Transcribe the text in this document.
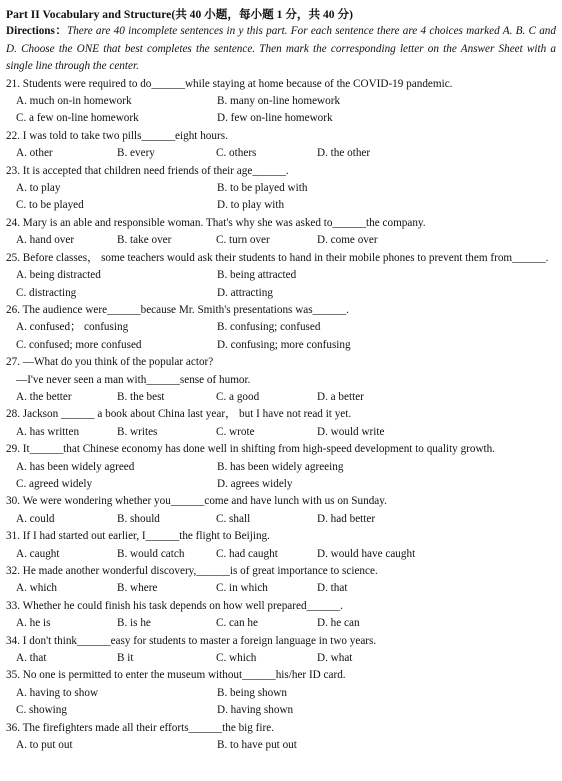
Part II Vocabulary and Structure(共 40 小题，每小题 1 分，共 40 分)
Directions：There are 40 incomplete sentences in y this part. For each sentence there are 4 choices marked A. B. C and D. Choose the ONE that best completes the sentence. Then mark the corresponding letter on the Answer Sheet with a single line through the center.
21. Students were required to do______while staying at home because of the COVID-19 pandemic.
A. much on-in homework	B. many on-line homework
C. a few on-line homework	D. few on-line homework
22. I was told to take two pills______eight hours.
A. other	B. every	C. others	D. the other
23. It is accepted that children need friends of their age______.
A. to play	B. to be played with
C. to be played	D. to play with
24. Mary is an able and responsible woman. That's why she was asked to______the company.
A. hand over	B. take over	C. turn over	D. come over
25. Before classes， some teachers would ask their students to hand in their mobile phones to prevent them from______.
A. being distracted	B. being attracted
C. distracting	D. attracting
26. The audience were______because Mr. Smith's presentations was______.
A. confused； confusing	B. confusing; confused
C. confused; more confused	D. confusing; more confusing
27. —What do you think of the popular actor?
—I've never seen a man with______sense of humor.
A. the better	B. the best	C. a good	D. a better
28. Jackson ______ a book about China last year， but I have not read it yet.
A. has written	B. writes	C. wrote	D. would write
29. It______that Chinese economy has done well in shifting from high-speed development to quality growth.
A. has been widely agreed	B. has been widely agreeing
C. agreed widely	D. agrees widely
30. We were wondering whether you______come and have lunch with us on Sunday.
A. could	B. should	C. shall	D. had better
31. If I had started out earlier, I______the flight to Beijing.
A. caught	B. would catch	C. had caught	D. would have caught
32. He made another wonderful discovery,______is of great importance to science.
A. which	B. where	C. in which	D. that
33. Whether he could finish his task depends on how well prepared______.
A. he is	B. is he	C. can he	D. he can
34. I don't think______easy for students to master a foreign language in two years.
A. that	B it	C. which	D. what
35. No one is permitted to enter the museum without______his/her ID card.
A. having to show	B. being shown
C. showing	D. having shown
36. The firefighters made all their efforts______the big fire.
A. to put out	B. to have put out
